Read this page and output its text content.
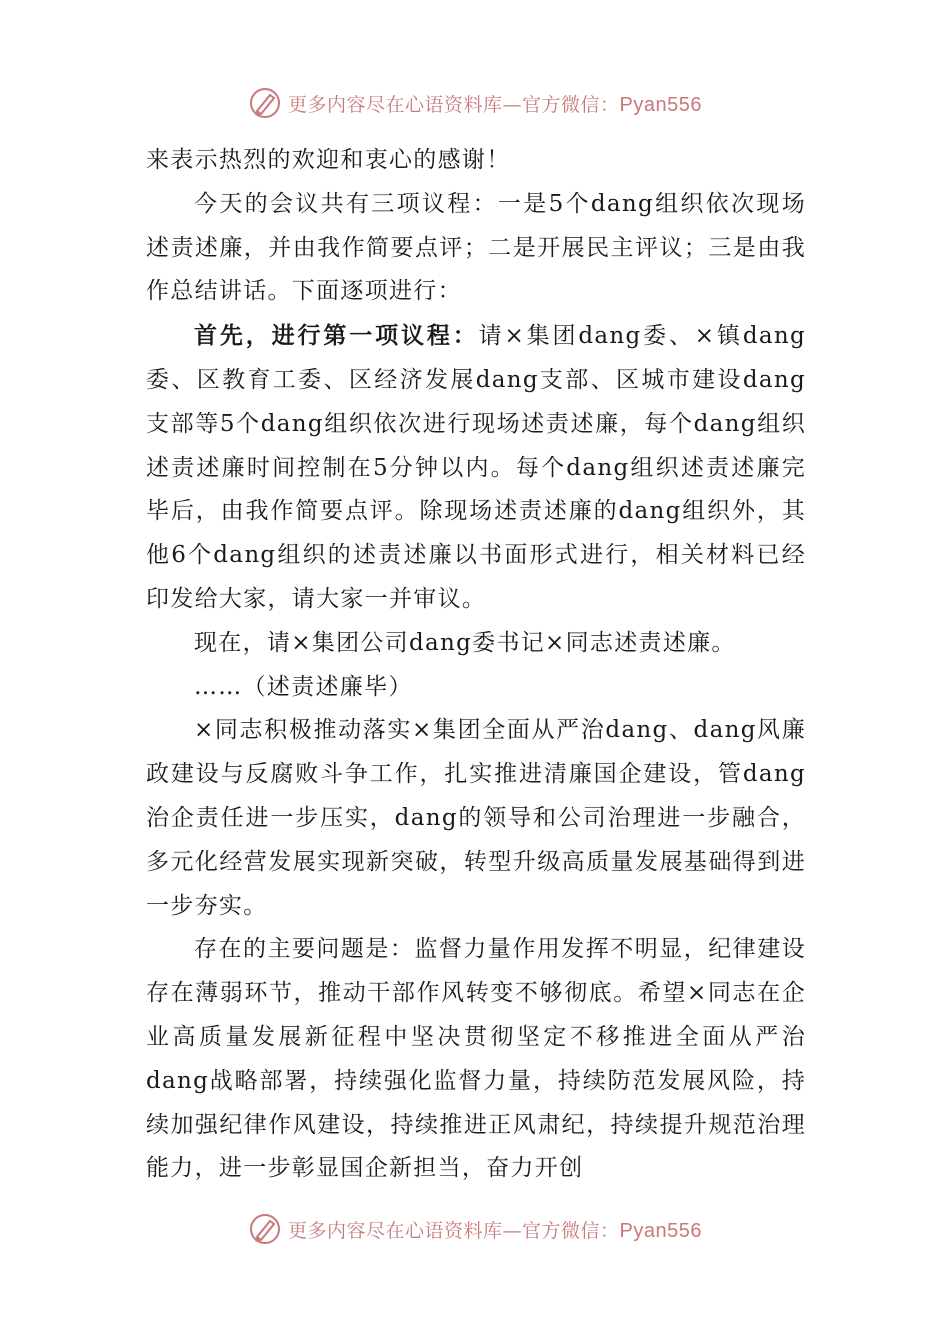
更多内容尽在心语资料库—官方微信：Pyan556

来表示热烈的欢迎和衷心的感谢！

今天的会议共有三项议程：一是5个dang组织依次现场述责述廉，并由我作简要点评；二是开展民主评议；三是由我作总结讲话。下面逐项进行：

首先，进行第一项议程：请×集团dang委、×镇dang委、区教育工委、区经济发展dang支部、区城市建设dang支部等5个dang组织依次进行现场述责述廉，每个dang组织述责述廉时间控制在5分钟以内。每个dang组织述责述廉完毕后，由我作简要点评。除现场述责述廉的dang组织外，其他6个dang组织的述责述廉以书面形式进行，相关材料已经印发给大家，请大家一并审议。

现在，请×集团公司dang委书记×同志述责述廉。

……（述责述廉毕）

×同志积极推动落实×集团全面从严治dang、dang风廉政建设与反腐败斗争工作，扎实推进清廉国企建设，管dang治企责任进一步压实，dang的领导和公司治理进一步融合，多元化经营发展实现新突破，转型升级高质量发展基础得到进一步夯实。

存在的主要问题是：监督力量作用发挥不明显，纪律建设存在薄弱环节，推动干部作风转变不够彻底。希望×同志在企业高质量发展新征程中坚决贯彻坚定不移推进全面从严治dang战略部署，持续强化监督力量，持续防范发展风险，持续加强纪律作风建设，持续推进正风肃纪，持续提升规范治理能力，进一步彰显国企新担当，奋力开创

更多内容尽在心语资料库—官方微信：Pyan556
